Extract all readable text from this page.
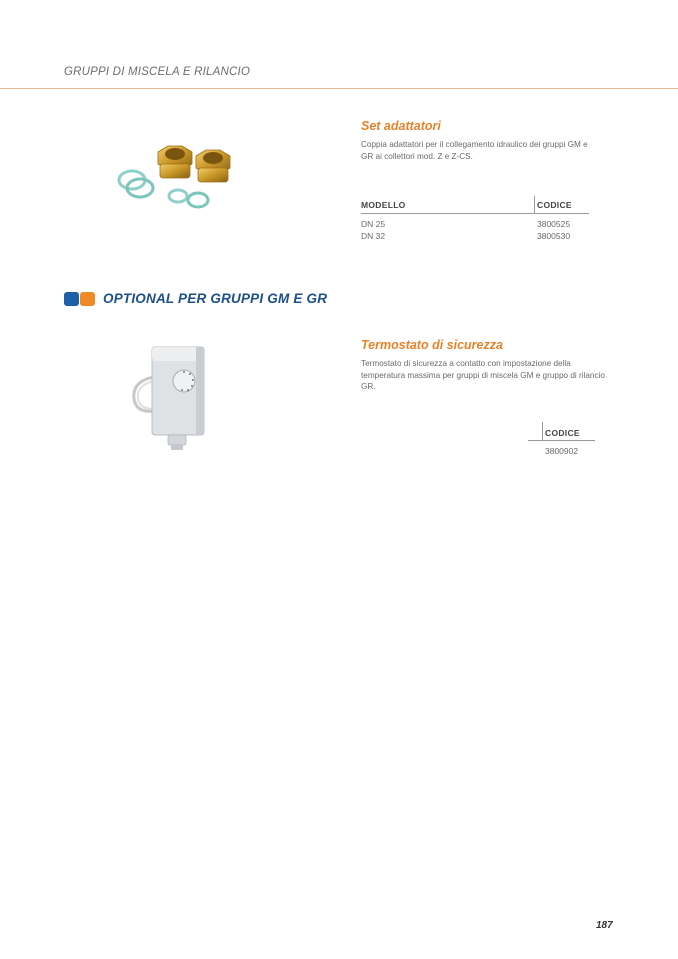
GRUPPI DI MISCELA E RILANCIO
Set adattatori
Coppia adattatori per il collegamento idraulico dei gruppi GM e GR ai collettori mod. Z e Z-CS.
MODELLO	CODICE
DN 25	3800525
DN 32	3800530
OPTIONAL PER GRUPPI GM E GR
Termostato di sicurezza
Termostato di sicurezza a contatto con impostazione della temperatura massima per gruppi di miscela GM e gruppo di rilancio GR.
CODICE
3800902
187
